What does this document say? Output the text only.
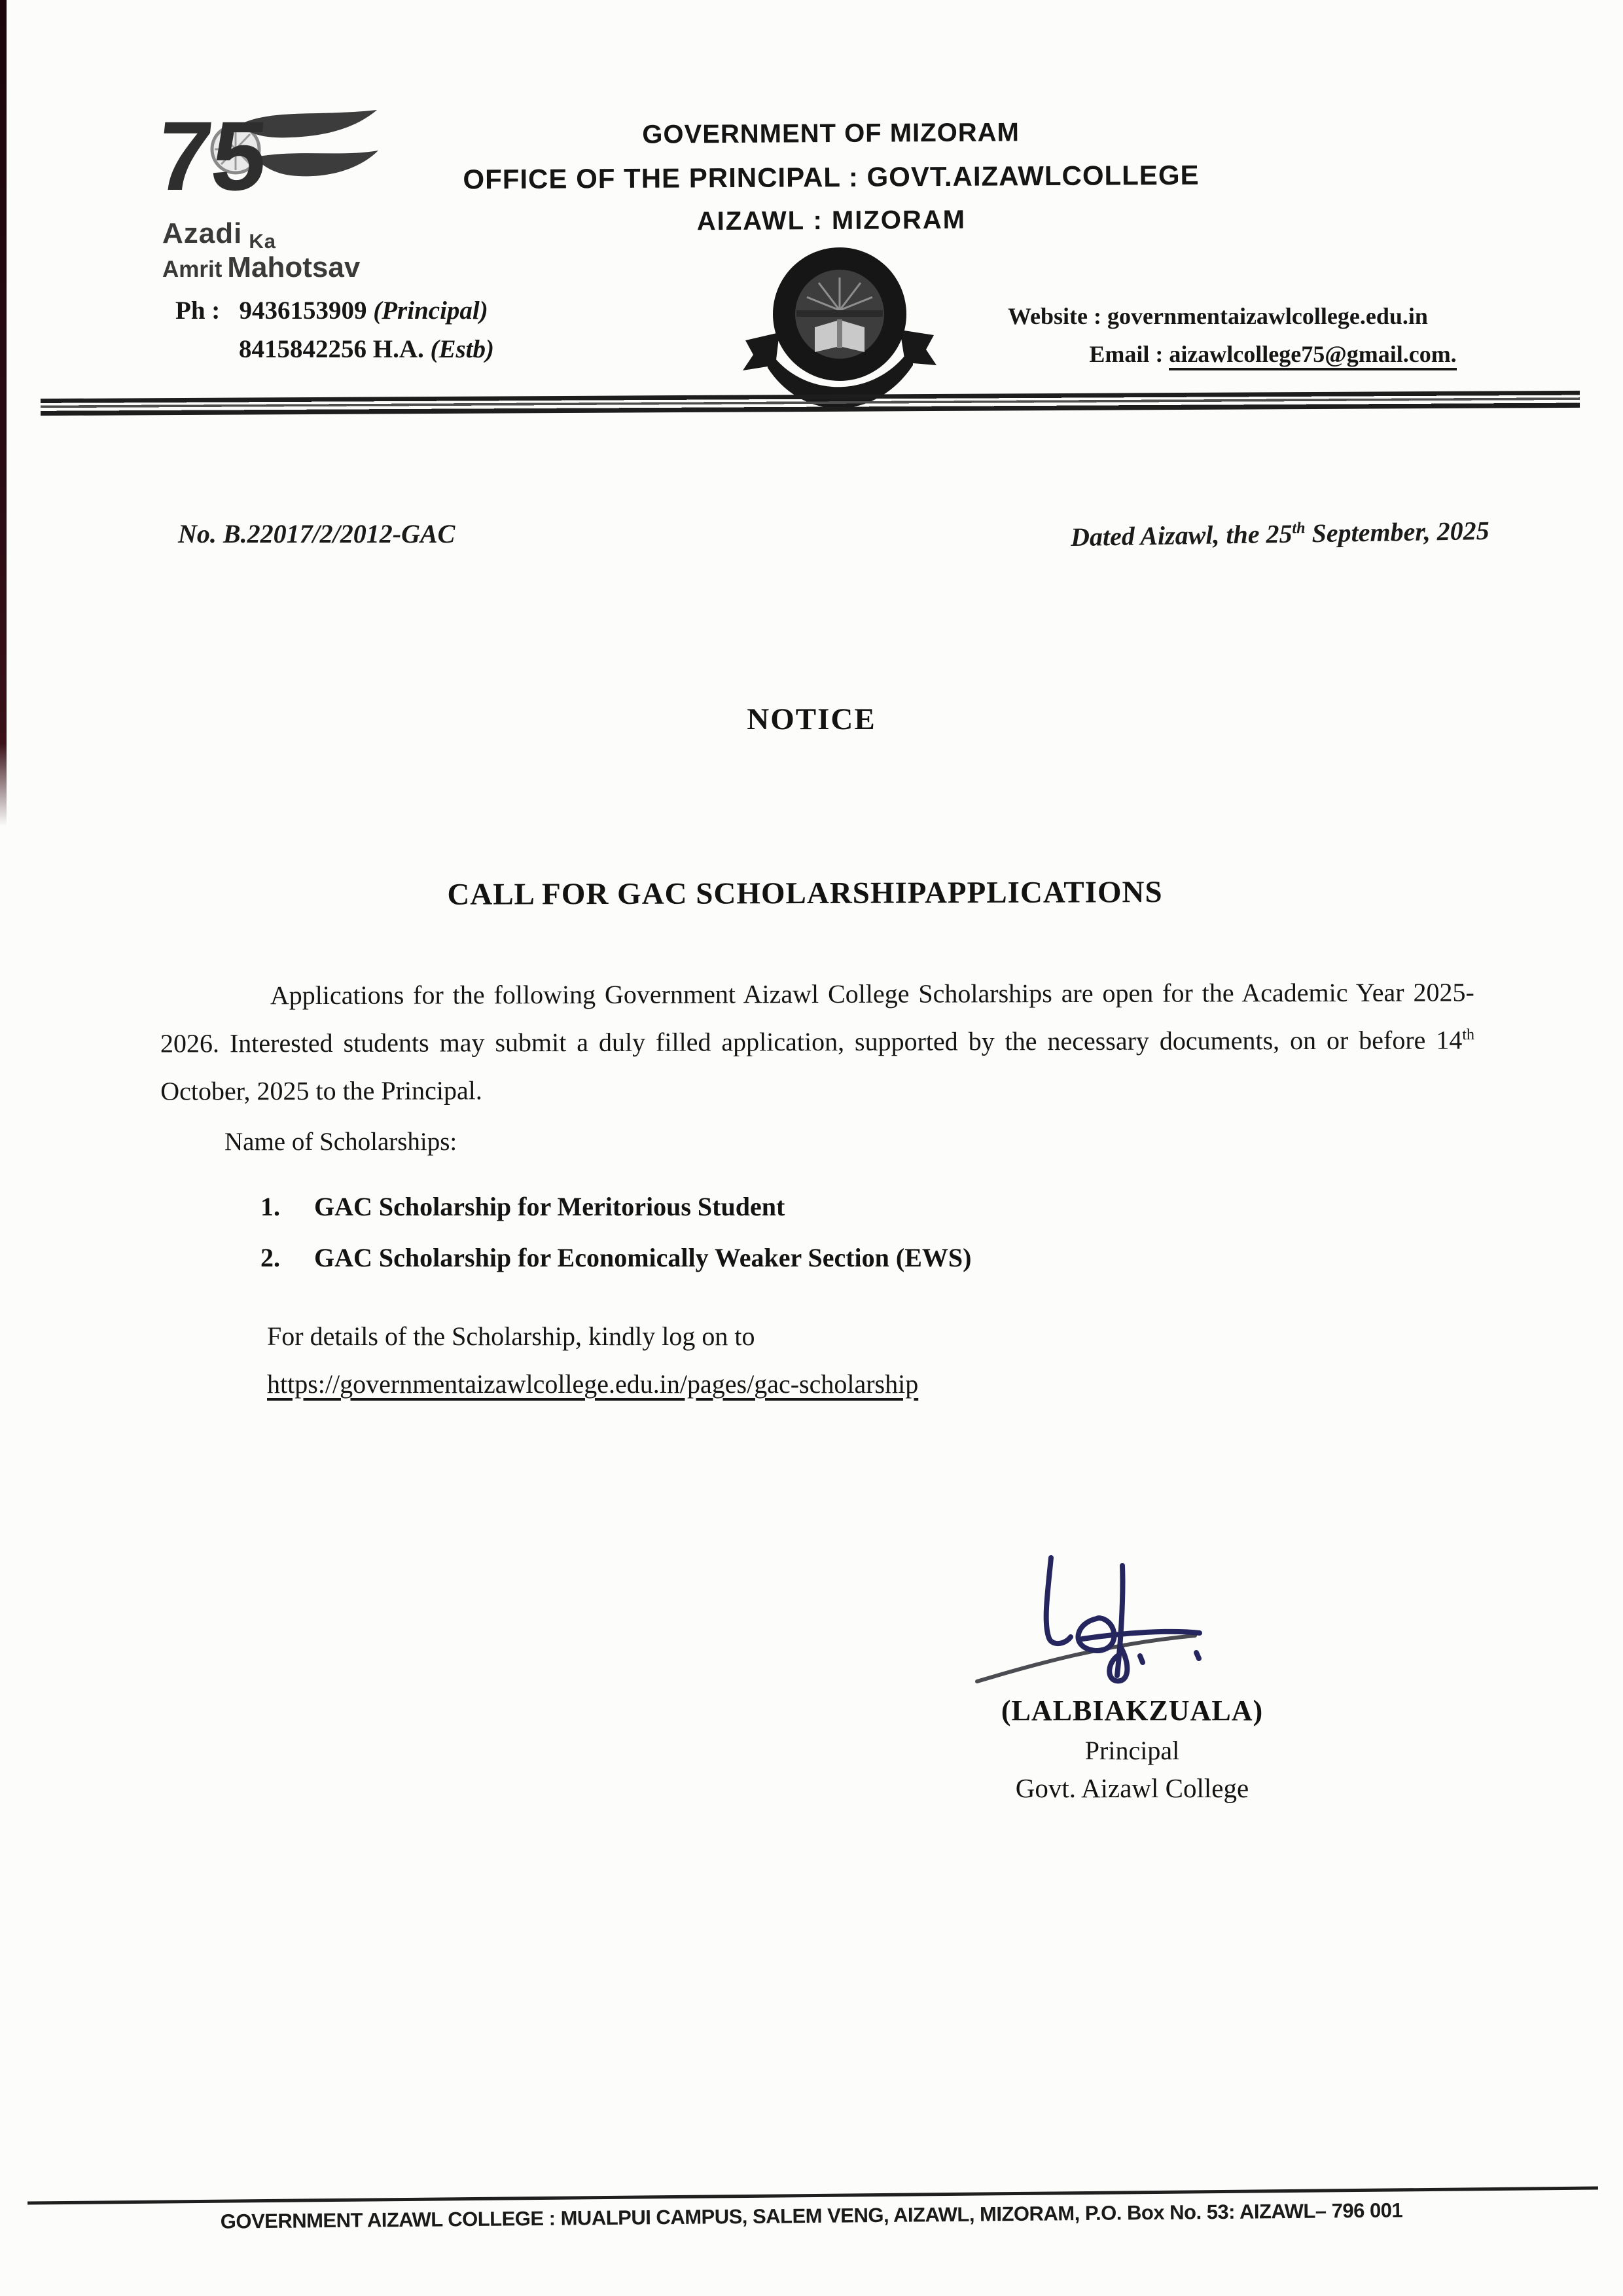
75
Azadi Ka
Amrit Mahotsav
GOVERNMENT OF MIZORAM
OFFICE OF THE PRINCIPAL : GOVT.AIZAWLCOLLEGE
AIZAWL : MIZORAM
Ph : 9436153909 (Principal)
8415842256 H.A. (Estb)
Website : governmentaizawlcollege.edu.in
Email : aizawlcollege75@gmail.com.
No. B.22017/2/2012-GAC	Dated Aizawl, the 25th September, 2025
NOTICE
CALL FOR GAC SCHOLARSHIPAPPLICATIONS

Applications for the following Government Aizawl College Scholarships are open for the Academic Year 2025-2026. Interested students may submit a duly filled application, supported by the necessary documents, on or before 14th October, 2025 to the Principal.

Name of Scholarships:
1.	GAC Scholarship for Meritorious Student
2.	GAC Scholarship for Economically Weaker Section (EWS)
For details of the Scholarship, kindly log on to
https://governmentaizawlcollege.edu.in/pages/gac-scholarship
(LALBIAKZUALA)
Principal
Govt. Aizawl College
GOVERNMENT AIZAWL COLLEGE : MUALPUI CAMPUS, SALEM VENG, AIZAWL, MIZORAM, P.O. Box No. 53: AIZAWL– 796 001
